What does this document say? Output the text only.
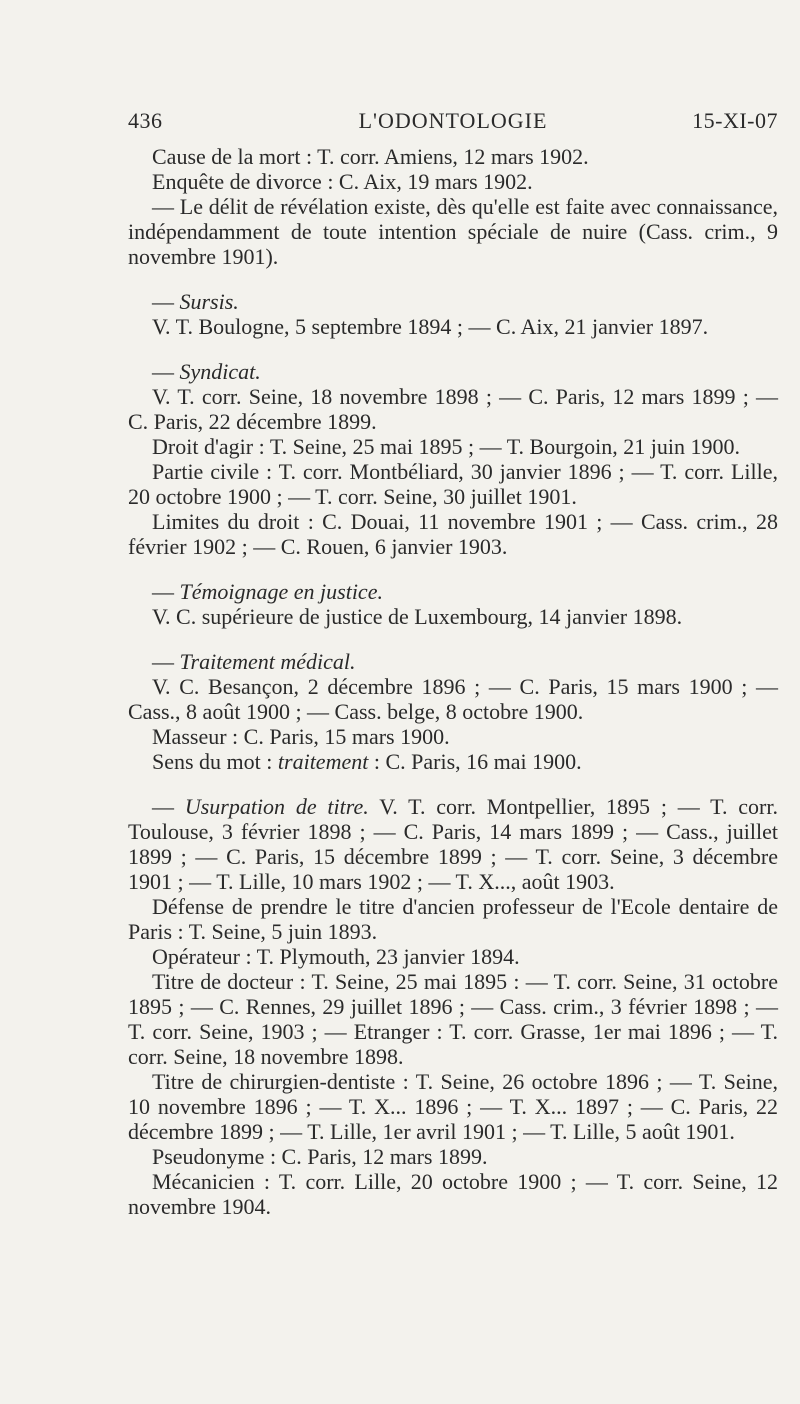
436	L'ODONTOLOGIE	15-XI-07

Cause de la mort : T. corr. Amiens, 12 mars 1902.

Enquête de divorce : C. Aix, 19 mars 1902.

— Le délit de révélation existe, dès qu'elle est faite avec connaissance, indépendamment de toute intention spéciale de nuire (Cass. crim., 9 novembre 1901).

— Sursis.

V. T. Boulogne, 5 septembre 1894 ; — C. Aix, 21 janvier 1897.

— Syndicat.

V. T. corr. Seine, 18 novembre 1898 ; — C. Paris, 12 mars 1899 ; — C. Paris, 22 décembre 1899.

Droit d'agir : T. Seine, 25 mai 1895 ; — T. Bourgoin, 21 juin 1900.

Partie civile : T. corr. Montbéliard, 30 janvier 1896 ; — T. corr. Lille, 20 octobre 1900 ; — T. corr. Seine, 30 juillet 1901.

Limites du droit : C. Douai, 11 novembre 1901 ; — Cass. crim., 28 février 1902 ; — C. Rouen, 6 janvier 1903.

— Témoignage en justice.

V. C. supérieure de justice de Luxembourg, 14 janvier 1898.

— Traitement médical.

V. C. Besançon, 2 décembre 1896 ; — C. Paris, 15 mars 1900 ; — Cass., 8 août 1900 ; — Cass. belge, 8 octobre 1900.

Masseur : C. Paris, 15 mars 1900.

Sens du mot : traitement : C. Paris, 16 mai 1900.

— Usurpation de titre. V. T. corr. Montpellier, 1895 ; — T. corr. Toulouse, 3 février 1898 ; — C. Paris, 14 mars 1899 ; — Cass., juillet 1899 ; — C. Paris, 15 décembre 1899 ; — T. corr. Seine, 3 décembre 1901 ; — T. Lille, 10 mars 1902 ; — T. X..., août 1903.

Défense de prendre le titre d'ancien professeur de l'Ecole dentaire de Paris : T. Seine, 5 juin 1893.

Opérateur : T. Plymouth, 23 janvier 1894.

Titre de docteur : T. Seine, 25 mai 1895 : — T. corr. Seine, 31 octobre 1895 ; — C. Rennes, 29 juillet 1896 ; — Cass. crim., 3 février 1898 ; — T. corr. Seine, 1903 ; — Etranger : T. corr. Grasse, 1er mai 1896 ; — T. corr. Seine, 18 novembre 1898.

Titre de chirurgien-dentiste : T. Seine, 26 octobre 1896 ; — T. Seine, 10 novembre 1896 ; — T. X... 1896 ; — T. X... 1897 ; — C. Paris, 22 décembre 1899 ; — T. Lille, 1er avril 1901 ; — T. Lille, 5 août 1901.

Pseudonyme : C. Paris, 12 mars 1899.

Mécanicien : T. corr. Lille, 20 octobre 1900 ; — T. corr. Seine, 12 novembre 1904.
